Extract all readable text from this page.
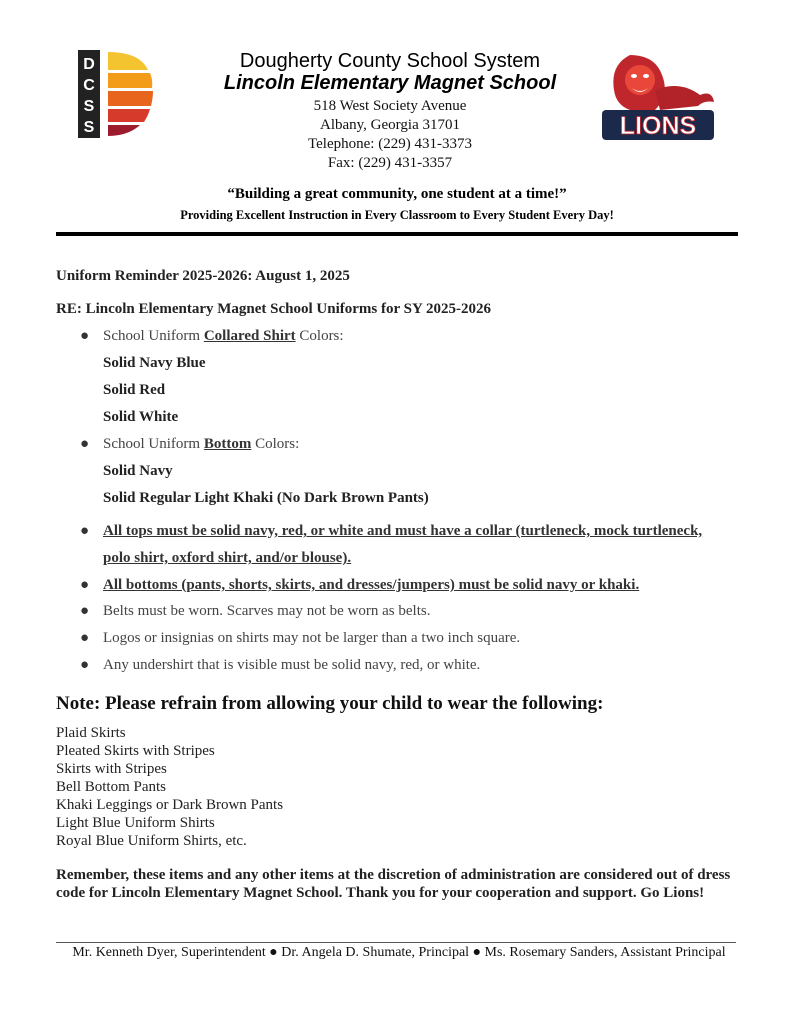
D
C
S
S
Dougherty County School System
Lincoln Elementary Magnet School
518 West Society Avenue
Albany, Georgia 31701
Telephone: (229) 431-3373
Fax: (229) 431-3357
LIONS
“Building a great community, one student at a time!”
Providing Excellent Instruction in Every Classroom to Every Student Every Day!
Uniform Reminder 2025-2026: August 1, 2025
RE: Lincoln Elementary Magnet School Uniforms for SY 2025-2026
● School Uniform Collared Shirt Colors:
Solid Navy Blue
Solid Red
Solid White
● School Uniform Bottom Colors:
Solid Navy
Solid Regular Light Khaki (No Dark Brown Pants)
● All tops must be solid navy, red, or white and must have a collar (turtleneck, mock turtleneck,
polo shirt, oxford shirt, and/or blouse).
● All bottoms (pants, shorts, skirts, and dresses/jumpers) must be solid navy or khaki.
● Belts must be worn. Scarves may not be worn as belts.
● Logos or insignias on shirts may not be larger than a two inch square.
● Any undershirt that is visible must be solid navy, red, or white.
Note: Please refrain from allowing your child to wear the following:
Plaid Skirts
Pleated Skirts with Stripes
Skirts with Stripes
Bell Bottom Pants
Khaki Leggings or Dark Brown Pants
Light Blue Uniform Shirts
Royal Blue Uniform Shirts, etc.
Remember, these items and any other items at the discretion of administration are considered out of dress code for Lincoln Elementary Magnet School. Thank you for your cooperation and support. Go Lions!
Mr. Kenneth Dyer, Superintendent ● Dr. Angela D. Shumate, Principal ● Ms. Rosemary Sanders, Assistant Principal
